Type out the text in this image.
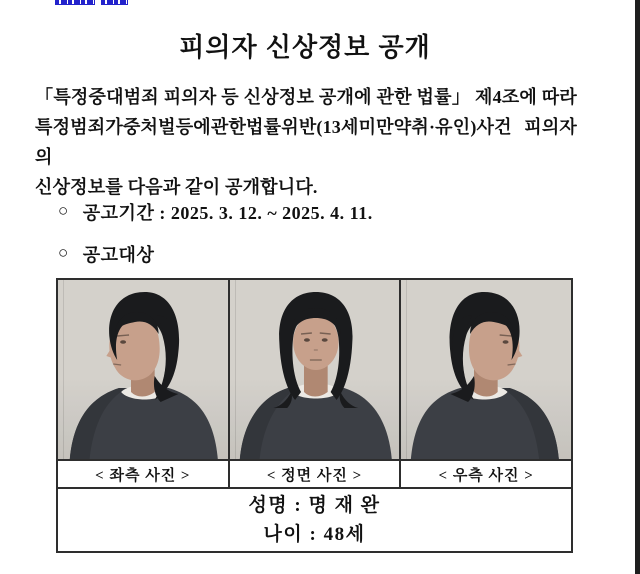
피의자 신상정보 공개
「특정중대범죄 피의자 등 신상정보 공개에 관한 법률」 제4조에 따라
특정범죄가중처벌등에관한법률위반(13세미만약취·유인)사건 피의자의
신상정보를 다음과 같이 공개합니다.
○ 공고기간 : 2025. 3. 12. ~ 2025. 4. 11.
○ 공고대상
< 좌측 사진 >	< 정면 사진 >	< 우측 사진 >
성명 : 명 재 완
나이 : 48세
